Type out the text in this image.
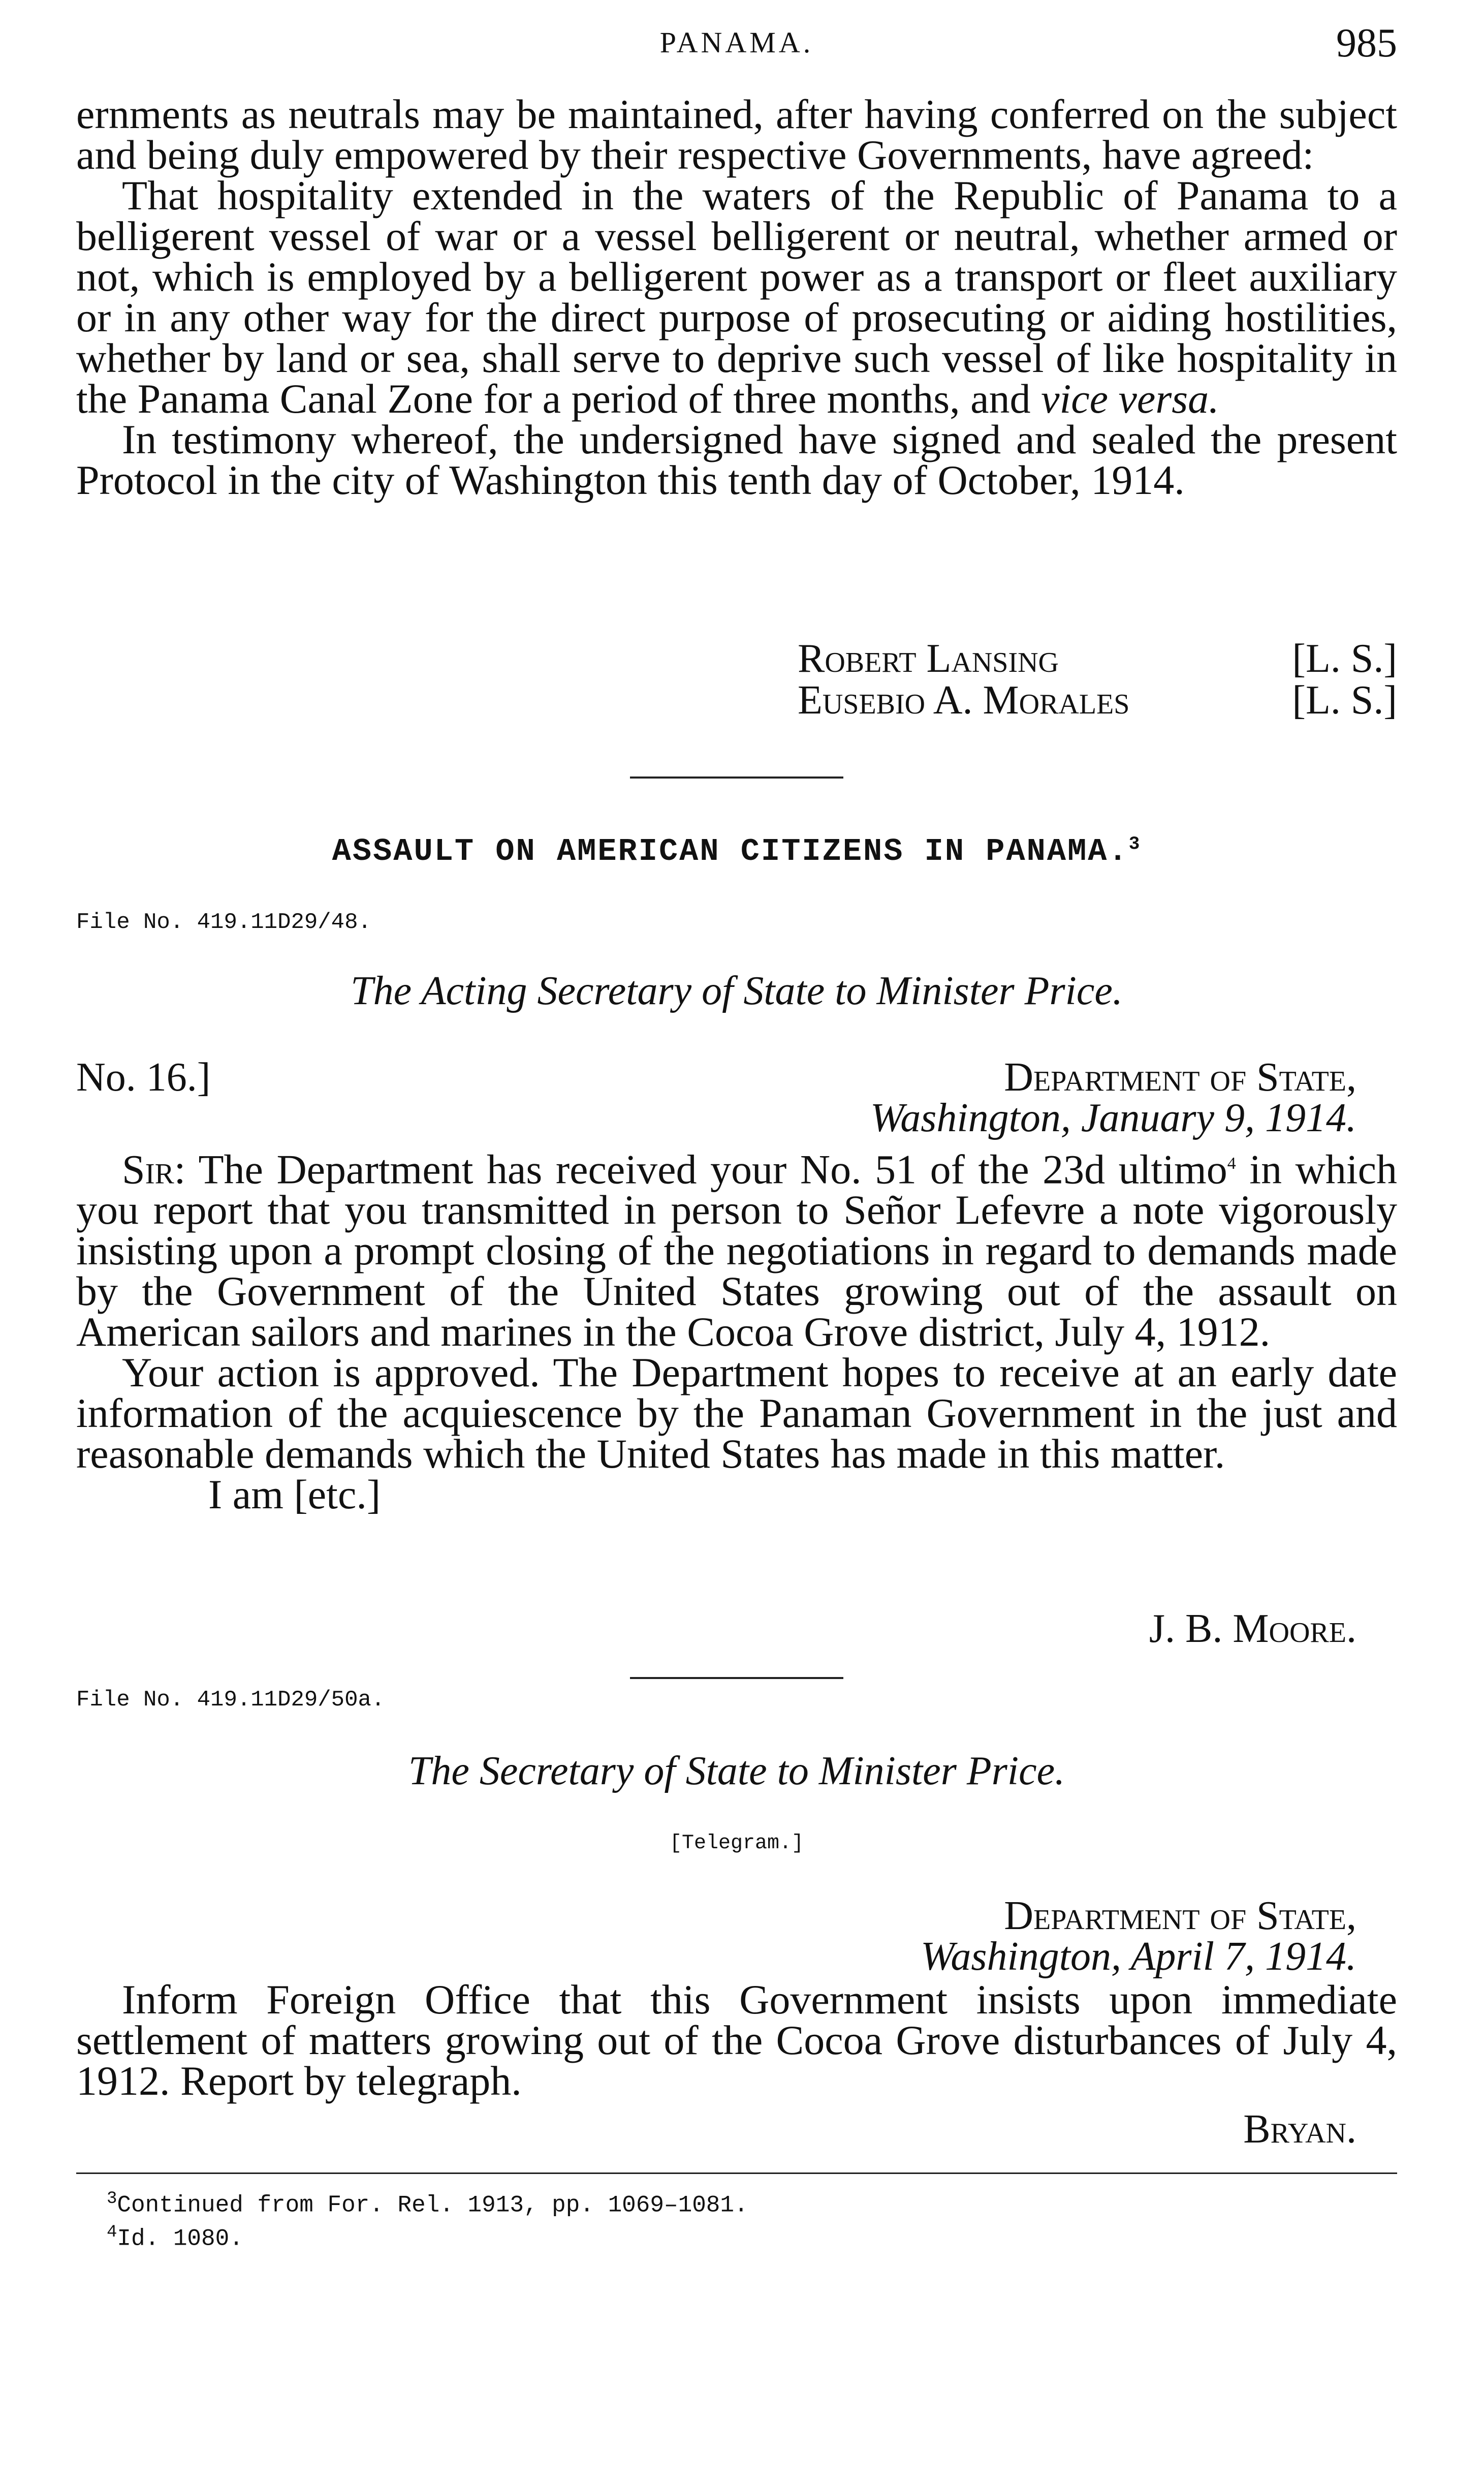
PANAMA.	985

ernments as neutrals may be maintained, after having conferred on the subject and being duly empowered by their respective Governments, have agreed:

That hospitality extended in the waters of the Republic of Panama to a belligerent vessel of war or a vessel belligerent or neutral, whether armed or not, which is employed by a belligerent power as a transport or fleet auxiliary or in any other way for the direct purpose of prosecuting or aiding hostilities, whether by land or sea, shall serve to deprive such vessel of like hospitality in the Panama Canal Zone for a period of three months, and vice versa.

In testimony whereof, the undersigned have signed and sealed the present Protocol in the city of Washington this tenth day of October, 1914.

Robert Lansing	[L. S.]
Eusebio A. Morales	[L. S.]
ASSAULT ON AMERICAN CITIZENS IN PANAMA.$^3$
File No. 419.11D29/48.
The Acting Secretary of State to Minister Price.
No. 16.]	Department of State,
Washington, January 9, 1914.

Sir: The Department has received your No. 51 of the 23d ultimo$^4$ in which you report that you transmitted in person to Señor Lefevre a note vigorously insisting upon a prompt closing of the negotiations in regard to demands made by the Government of the United States growing out of the assault on American sailors and marines in the Cocoa Grove district, July 4, 1912.

Your action is approved. The Department hopes to receive at an early date information of the acquiescence by the Panaman Government in the just and reasonable demands which the United States has made in this matter.

I am [etc.]

J. B. Moore.
File No. 419.11D29/50a.
The Secretary of State to Minister Price.
[Telegram.]
Department of State,
Washington, April 7, 1914.

Inform Foreign Office that this Government insists upon immediate settlement of matters growing out of the Cocoa Grove disturbances of July 4, 1912. Report by telegraph.

Bryan.
$^3$Continued from For. Rel. 1913, pp. 1069–1081.
$^4$Id. 1080.
